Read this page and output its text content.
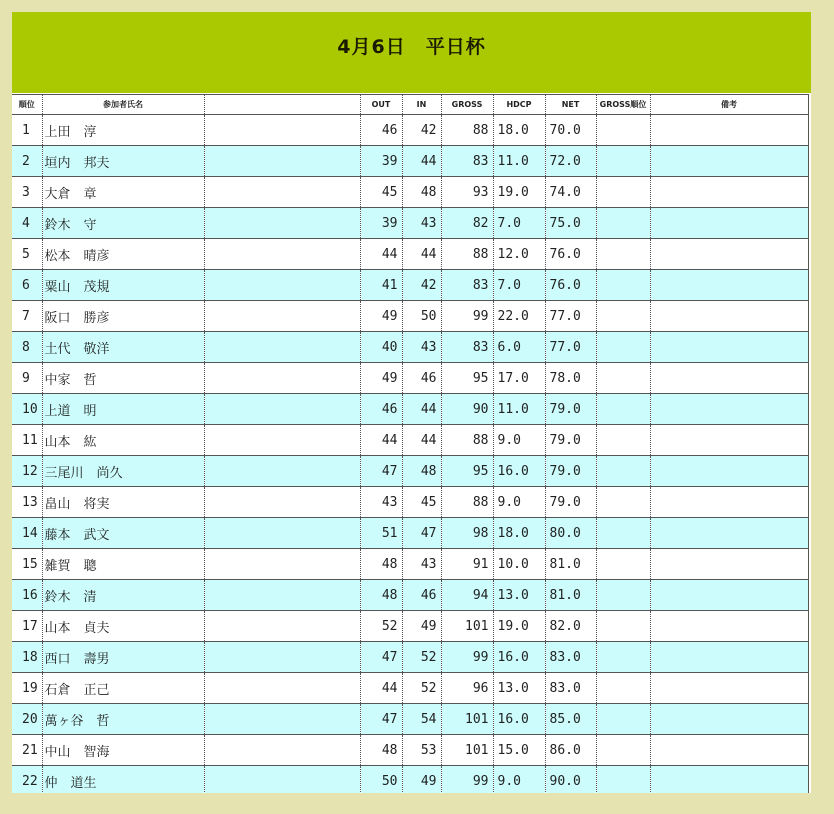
4月6日　平日杯
順位	参加者氏名		OUT	IN	GROSS	HDCP	NET	GROSS順位	備考
1	上田　淳		46	42	88	18.0	70.0		
2	垣内　邦夫		39	44	83	11.0	72.0		
3	大倉　章		45	48	93	19.0	74.0		
4	鈴木　守		39	43	82	7.0	75.0		
5	松本　晴彦		44	44	88	12.0	76.0		
6	粟山　茂規		41	42	83	7.0	76.0		
7	阪口　勝彦		49	50	99	22.0	77.0		
8	土代　敬洋		40	43	83	6.0	77.0		
9	中家　哲		49	46	95	17.0	78.0		
10	上道　明		46	44	90	11.0	79.0		
11	山本　紘		44	44	88	9.0	79.0		
12	三尾川　尚久		47	48	95	16.0	79.0		
13	畠山　将実		43	45	88	9.0	79.0		
14	藤本　武文		51	47	98	18.0	80.0		
15	雑賀　聰		48	43	91	10.0	81.0		
16	鈴木　清		48	46	94	13.0	81.0		
17	山本　貞夫		52	49	101	19.0	82.0		
18	西口　壽男		47	52	99	16.0	83.0		
19	石倉　正己		44	52	96	13.0	83.0		
20	萬ヶ谷　哲		47	54	101	16.0	85.0		
21	中山　智海		48	53	101	15.0	86.0		
22	仲　道生		50	49	99	9.0	90.0		
